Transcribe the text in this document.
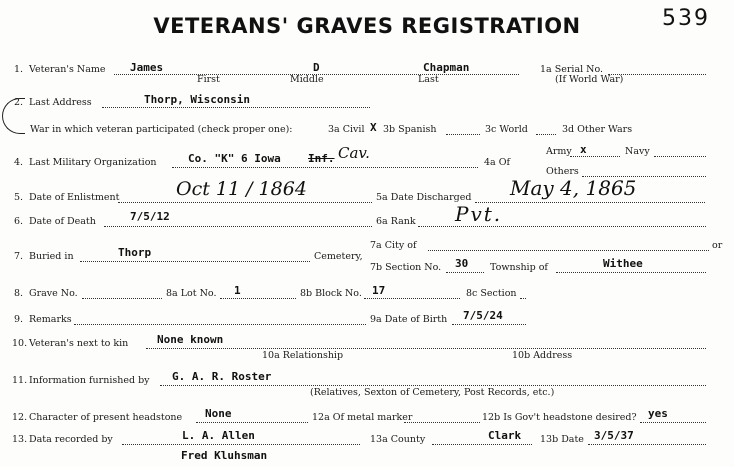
VETERANS' GRAVES REGISTRATION	539
1. Veteran's Name James	D	Chapman
First	Middle	Last
1a Serial No.
(If World War)
2. Last Address	Thorp, Wisconsin
War in which veteran participated (check proper one):	3a Civil X 3b Spanish	3c World	3d Other Wars
4. Last Military Organization	Co. "K" 6 Iowa Inf. Cav.
4a Of
Army x	Navy
Others
5. Date of Enlistment	Oct 11 / 1864	5a Date Discharged May 4, 1865
6. Date of Death	7/5/12	6a Rank Pvt.
7. Buried in	Thorp	Cemetery,
7a City of	or
7b Section No. 30 Township of	Withee
8. Grave No.	8a Lot No. 1	8b Block No. 17	8c Section
9. Remarks	9a Date of Birth 7/5/24
10. Veteran's next to kin	None known
10a Relationship	10b Address
11. Information furnished by G. A. R. Roster
(Relatives, Sexton of Cemetery, Post Records, etc.)
12. Character of present headstone None	12a Of metal marker	12b Is Gov't headstone desired? yes
13. Data recorded by	L. A. Allen
Fred Kluhsman
13a County	Clark 13b Date 3/5/37
